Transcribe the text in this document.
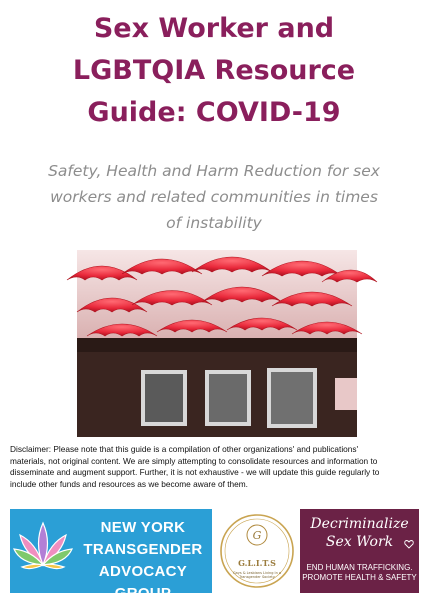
Sex Worker and
LGBTQIA Resource
Guide: COVID-19
Safety, Health and Harm Reduction for sex
workers and related communities in times
of instability
Disclaimer: Please note that this guide is a compilation of other organizations' and publications'
materials, not original content. We are simply attempting to consolidate resources and information to
disseminate and augment support. Further, it is not exhaustive - we will update this guide regularly to
include other funds and resources as we become aware of them.
NEW YORK
TRANSGENDER
ADVOCACY GROUP
G
G.L.I.T.S
Gays & Lesbians Living In a Transgender Society
Decriminalize
Sex Work
END HUMAN TRAFFICKING.
PROMOTE HEALTH & SAFETY
